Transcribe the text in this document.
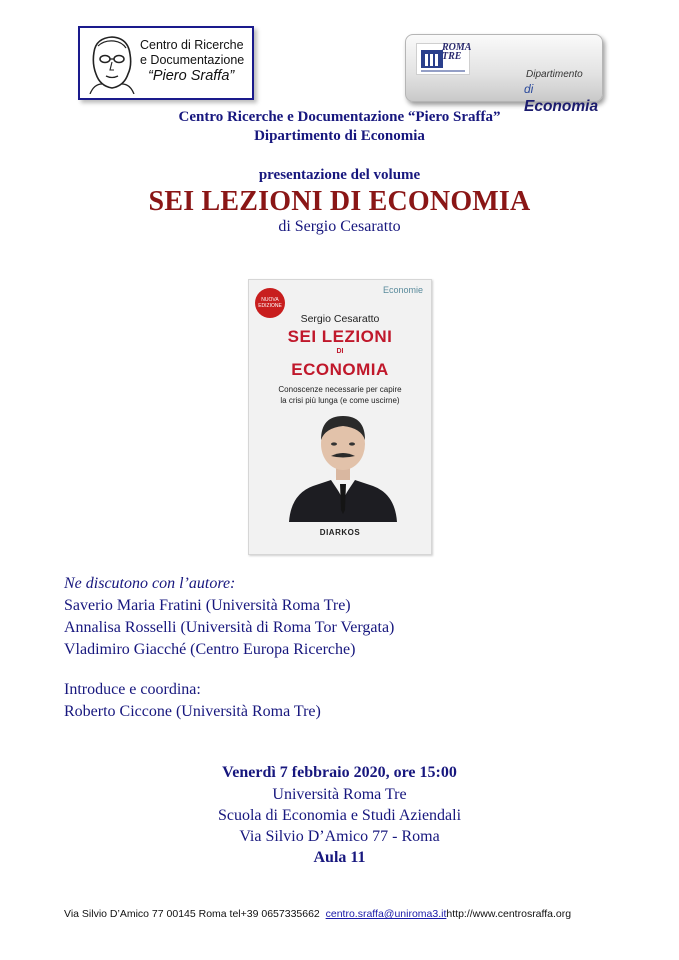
Centro di Ricerche
e Documentazione
“Piero Sraffa”
ROMA
TRE
Dipartimento
di Economia
Centro Ricerche e Documentazione “Piero Sraffa”
Dipartimento di Economia
presentazione del volume
SEI LEZIONI DI ECONOMIA
di Sergio Cesaratto
NUOVA EDIZIONE
Economie
Sergio Cesaratto
SEI LEZIONI
DI
ECONOMIA
Conoscenze necessarie per capire
la crisi più lunga (e come uscirne)
DIARKOS
Ne discutono con l’autore:
Saverio Maria Fratini (Università Roma Tre)
Annalisa Rosselli (Università di Roma Tor Vergata)
Vladimiro Giacché (Centro Europa Ricerche)
Introduce e coordina:
Roberto Ciccone (Università Roma Tre)
Venerdì 7 febbraio 2020, ore 15:00
Università Roma Tre
Scuola di Economia e Studi Aziendali
Via Silvio D’Amico 77 - Roma
Aula 11
Via Silvio D’Amico 77 00145 Roma tel+39 0657335662 centro.sraffa@uniroma3.ithttp://www.centrosraffa.org
